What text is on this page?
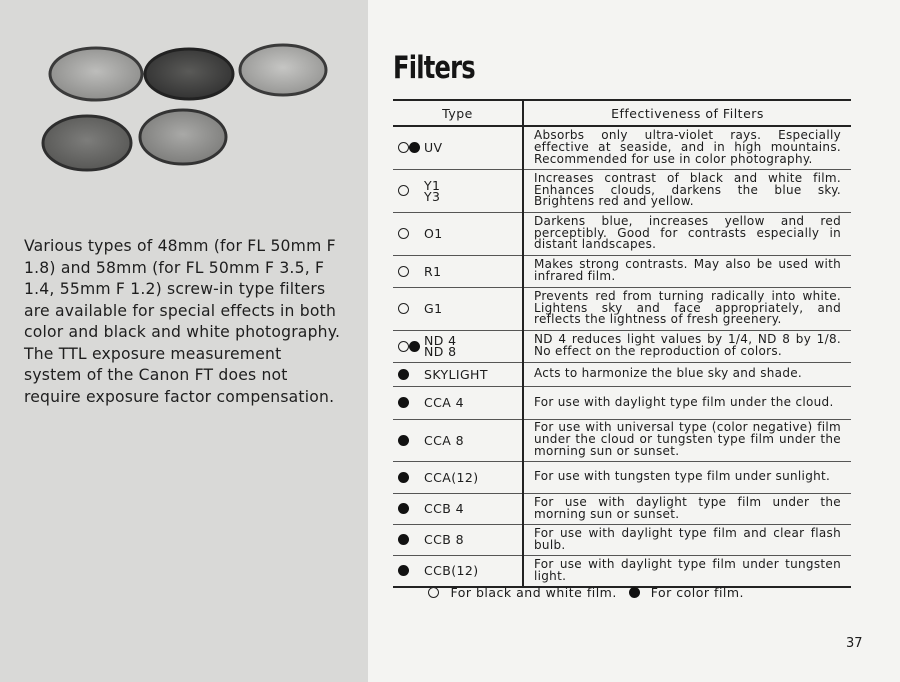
Various types of 48mm (for FL 50mm F 1.8) and 58mm (for FL 50mm F 3.5, F 1.4, 55mm F 1.2) screw-in type filters are available for special effects in both color and black and white photography. The TTL exposure measurement system of the Canon FT does not require exposure factor compensation.
Filters
Type	Effectiveness of Filters

UV	Absorbs only ultra-violet rays. Especially effective at seaside, and in high mountains. Recommended for use in color photography.

Y1
Y3	Increases contrast of black and white film. Enhances clouds, darkens the blue sky. Brightens red and yellow.

O1	Darkens blue, increases yellow and red perceptibly. Good for contrasts especially in distant landscapes.

R1	Makes strong contrasts. May also be used with infrared film.

G1	Prevents red from turning radically into white. Lightens sky and face appropriately, and reflects the lightness of fresh greenery.

ND 4
ND 8	ND 4 reduces light values by 1/4, ND 8 by 1/8. No effect on the reproduction of colors.

SKYLIGHT	Acts to harmonize the blue sky and shade.

CCA 4	For use with daylight type film under the cloud.

CCA 8	For use with universal type (color negative) film under the cloud or tungsten type film under the morning sun or sunset.

CCA(12)	For use with tungsten type film under sunlight.

CCB 4	For use with daylight type film under the morning sun or sunset.

CCB 8	For use with daylight type film and clear flash bulb.

CCB(12)	For use with daylight type film under tungsten light.
For black and white film.	For color film.
37
